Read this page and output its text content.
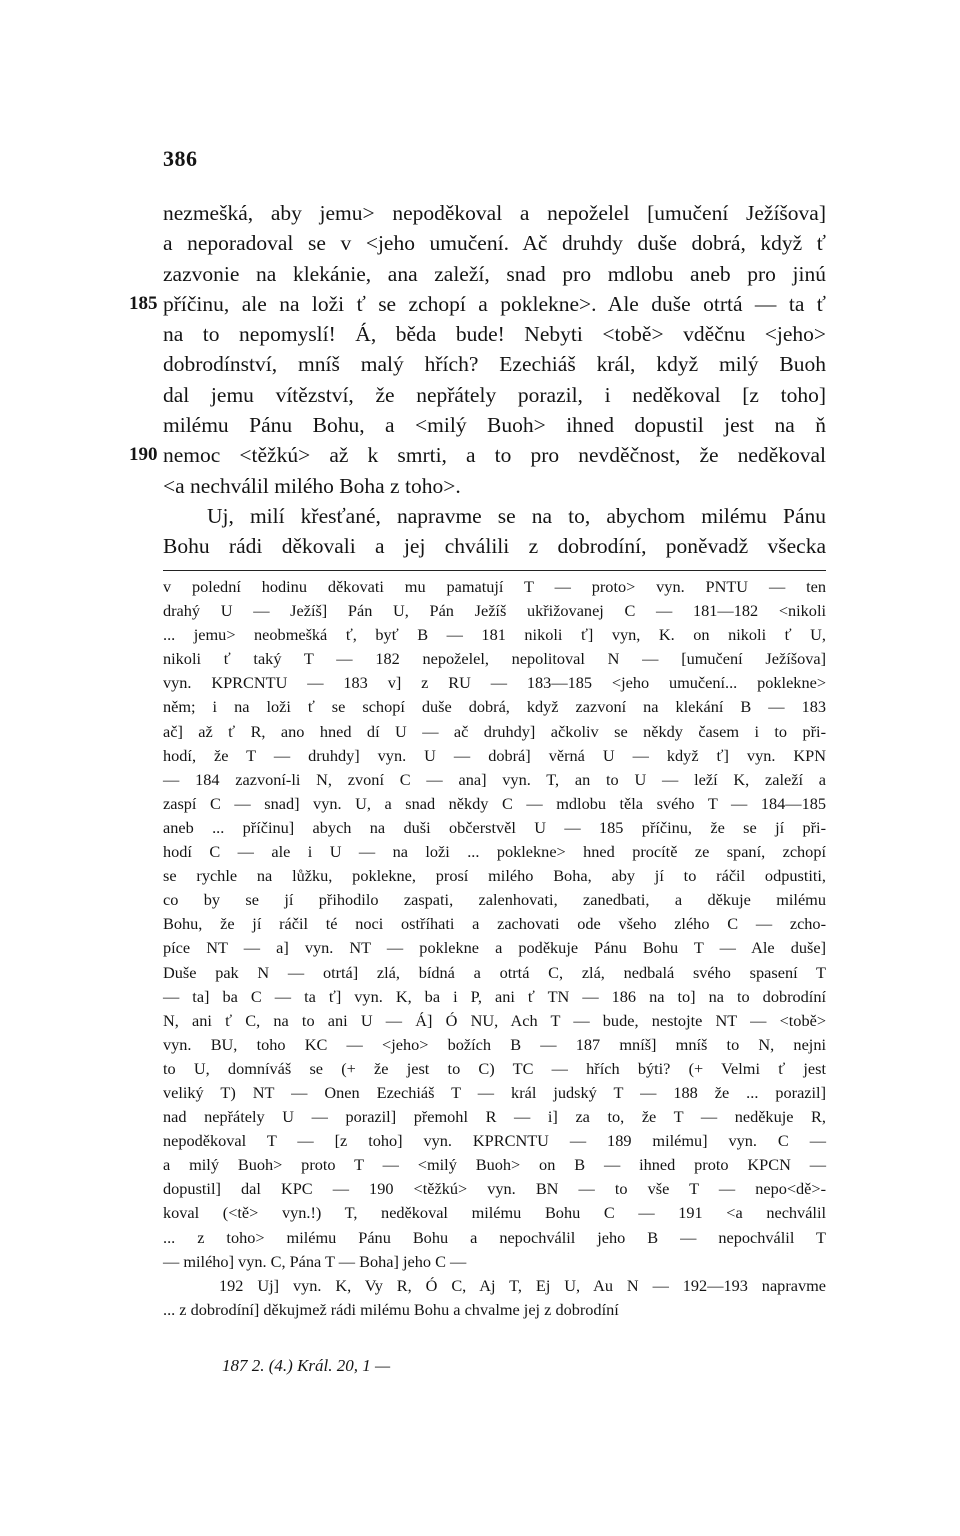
386
nezmešká, aby jemu> nepoděkoval a nepoželel [umučení Ježíšova]
a neporadoval se v <jeho umučení. Ač druhdy duše dobrá, když ť
zazvonie na klekánie, ana zaleží, snad pro mdlobu aneb pro jinú
185 příčinu, ale na loži ť se zchopí a poklekne>. Ale duše otrtá — ta ť
na to nepomyslí! Á, běda bude! Nebyti <tobě> vděčnu <jeho>
dobrodínství, mníš malý hřích? Ezechiáš král, když milý Buoh
dal jemu vítězství, že nepřátely porazil, i neděkoval [z toho]
milému Pánu Bohu, a <milý Buoh> ihned dopustil jest na ň
190 nemoc <těžkú> až k smrti, a to pro nevděčnost, že neděkoval
<a nechválil milého Boha z toho>.
Uj, milí křesťané, napravme se na to, abychom milému Pánu
Bohu rádi děkovali a jej chválili z dobrodíní, poněvadž všecka
v polední hodinu děkovati mu pamatují T — proto> vyn. PNTU — ten
drahý U — Ježíš] Pán U, Pán Ježíš ukřižovanej C — 181—182 <nikoli
... jemu> neobmešká ť, byť B — 181 nikoli ť] vyn, K. on nikoli ť U,
nikoli ť taký T — 182 nepoželel, nepolitoval N — [umučení Ježíšova]
vyn. KPRCNTU — 183 v] z RU — 183—185 <jeho umučení... poklekne>
něm; i na loži ť se schopí duše dobrá, když zazvoní na klekání B — 183
ač] až ť R, ano hned dí U — ač druhdy] ačkoliv se někdy časem i to při-
hodí, že T — druhdy] vyn. U — dobrá] věrná U — když ť] vyn. KPN
— 184 zazvoní-li N, zvoní C — ana] vyn. T, an to U — leží K, zaleží a
zaspí C — snad] vyn. U, a snad někdy C — mdlobu těla svého T — 184—185
aneb ... příčinu] abych na duši občerstvěl U — 185 příčinu, že se jí při-
hodí C — ale i U — na loži ... poklekne> hned procítě ze spaní, zchopí
se rychle na lůžku, poklekne, prosí milého Boha, aby jí to ráčil odpustiti,
co by se jí přihodilo zaspati, zalenhovati, zanedbati, a děkuje milému
Bohu, že jí ráčil té noci ostříhati a zachovati ode všeho zlého C — zcho-
píce NT — a] vyn. NT — poklekne a poděkuje Pánu Bohu T — Ale duše]
Duše pak N — otrtá] zlá, bídná a otrtá C, zlá, nedbalá svého spasení T
— ta] ba C — ta ť] vyn. K, ba i P, ani ť TN — 186 na to] na to dobrodíní
N, ani ť C, na to ani U — Á] Ó NU, Ach T — bude, nestojte NT — <tobě>
vyn. BU, toho KC — <jeho> božích B — 187 mníš] mníš to N, nejni
to U, domníváš se (+ že jest to C) TC — hřích býti? (+ Velmi ť jest
veliký T) NT — Onen Ezechiáš T — král judský T — 188 že ... porazil]
nad nepřátely U — porazil] přemohl R — i] za to, že T — neděkuje R,
nepoděkoval T — [z toho] vyn. KPRCNTU — 189 milému] vyn. C —
a milý Buoh> proto T — <milý Buoh> on B — ihned proto KPCN —
dopustil] dal KPC — 190 <těžkú> vyn. BN — to vše T — nepo<dě>-
koval (<tě> vyn.!) T, neděkoval milému Bohu C — 191 <a nechválil
... z toho> milému Pánu Bohu a nepochválil jeho B — nepochválil T
— milého] vyn. C, Pána T — Boha] jeho C —
192 Uj] vyn. K, Vy R, Ó C, Aj T, Ej U, Au N — 192—193 napravme
... z dobrodíní] děkujmež rádi milému Bohu a chvalme jej z dobrodíní
187 2. (4.) Král. 20, 1 —
